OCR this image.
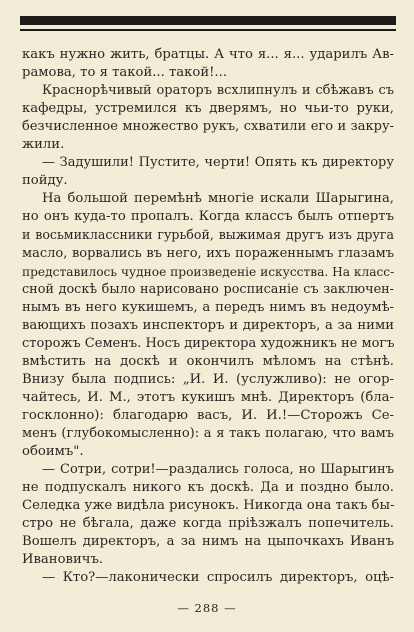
какъ нужно жить, братцы. А что я... я... ударилъ Ав-
рамова, то я такой... такой!...
Краснорѣчивый ораторъ всхлипнулъ и сбѣжавъ съ
кафедры, устремился къ дверямъ, но чьи-то руки,
безчисленное множество рукъ, схватили его и закру-
жили.
— Задушили! Пустите, черти! Опять къ директору
пойду.
На большой перемѣнѣ многіе искали Шарыгина,
но онъ куда-то пропалъ. Когда классъ былъ отпертъ
и восьмиклассники гурьбой, выжимая другъ изъ друга
масло, ворвались въ него, ихъ пораженнымъ глазамъ
представилось чудное произведеніе искусства. На класс-
сной доскѣ было нарисовано росписаніе съ заключен-
нымъ въ него кукишемъ, а передъ нимъ въ недоумѣ-
вающихъ позахъ инспекторъ и директоръ, а за ними
сторожъ Семенъ. Носъ директора художникъ не могъ
вмѣстить на доскѣ и окончилъ мѣломъ на стѣнѣ.
Внизу была подпись: „И. И. (услужливо): не огор-
чайтесь, И. М., этотъ кукишъ мнѣ. Директоръ (бла-
госклонно): благодарю васъ, И. И.!—Сторожъ Се-
менъ (глубокомысленно): а я такъ полагаю, что вамъ
обоимъ".
— Сотри, сотри!—раздались голоса, но Шарыгинъ
не подпускалъ никого къ доскѣ. Да и поздно было.
Селедка уже видѣла рисунокъ. Никогда она такъ бы-
стро не бѣгала, даже когда пріѣзжалъ попечитель.
Вошелъ директоръ, а за нимъ на цыпочкахъ Иванъ
Ивановичъ.
— Кто?—лаконически спросилъ директоръ, оцѣ-
— 288 —
